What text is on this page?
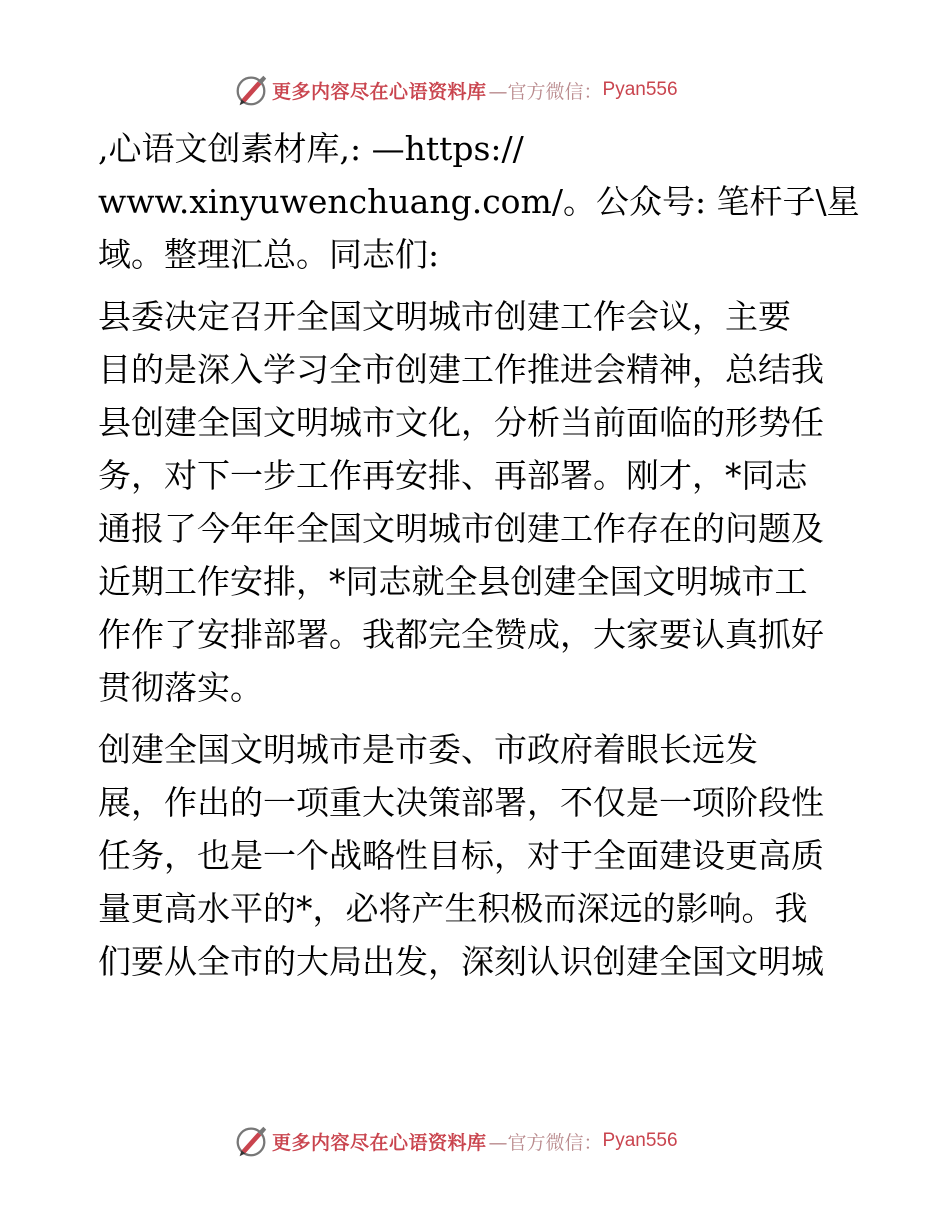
更多内容尽在心语资料库 —官方微信： Pyan556

,心语文创素材库,: —https://
www.xinyuwenchuang.com/。公众号: 笔杆子\星
域。整理汇总。同志们:

县委决定召开全国文明城市创建工作会议，主要
目的是深入学习全市创建工作推进会精神，总结我
县创建全国文明城市文化，分析当前面临的形势任
务，对下一步工作再安排、再部署。刚才，*同志
通报了今年年全国文明城市创建工作存在的问题及
近期工作安排，*同志就全县创建全国文明城市工
作作了安排部署。我都完全赞成，大家要认真抓好
贯彻落实。

创建全国文明城市是市委、市政府着眼长远发
展，作出的一项重大决策部署，不仅是一项阶段性
任务，也是一个战略性目标，对于全面建设更高质
量更高水平的*，必将产生积极而深远的影响。我
们要从全市的大局出发，深刻认识创建全国文明城

更多内容尽在心语资料库 —官方微信： Pyan556
